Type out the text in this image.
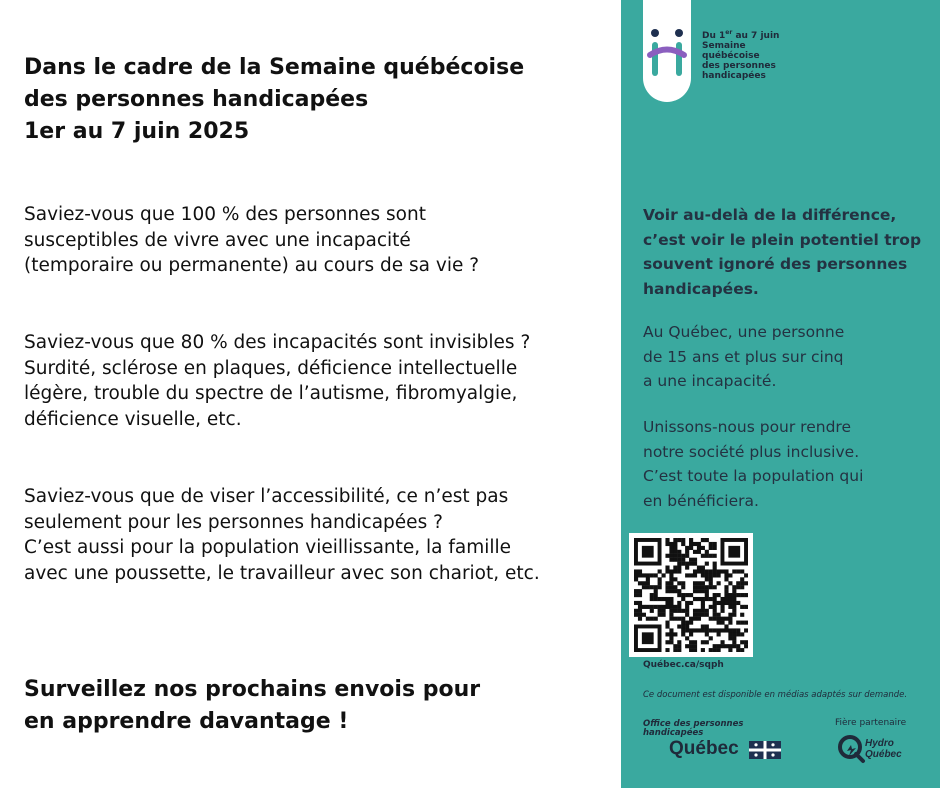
Dans le cadre de la Semaine québécoise
des personnes handicapées
1er au 7 juin 2025
Saviez-vous que 100 % des personnes sont
susceptibles de vivre avec une incapacité
(temporaire ou permanente) au cours de sa vie ?
Saviez-vous que 80 % des incapacités sont invisibles ?
Surdité, sclérose en plaques, déficience intellectuelle
légère, trouble du spectre de l’autisme, fibromyalgie,
déficience visuelle, etc.
Saviez-vous que de viser l’accessibilité, ce n’est pas
seulement pour les personnes handicapées ?
C’est aussi pour la population vieillissante, la famille
avec une poussette, le travailleur avec son chariot, etc.
Surveillez nos prochains envois pour
en apprendre davantage !
Du 1er au 7 juin
Semaine
québécoise
des personnes
handicapées
Voir au-delà de la différence,
c’est voir le plein potentiel trop
souvent ignoré des personnes
handicapées.
Au Québec, une personne
de 15 ans et plus sur cinq
a une incapacité.
Unissons-nous pour rendre
notre société plus inclusive.
C’est toute la population qui
en bénéficiera.
Québec.ca/sqph
Ce document est disponible en médias adaptés sur demande.
Office des personnes
handicapées
Québec
Fière partenaire
Hydro
Québec
